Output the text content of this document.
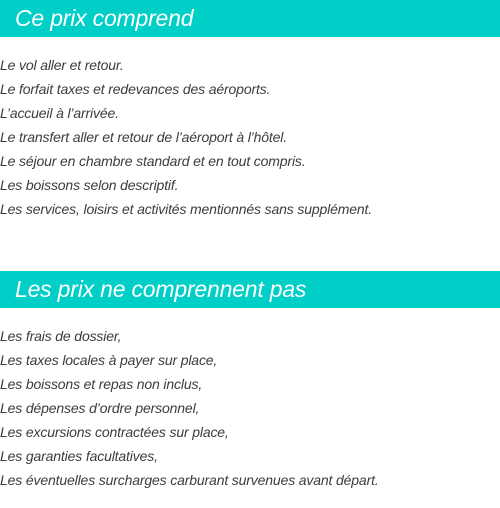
Ce prix comprend
Le vol aller et retour.
Le forfait taxes et redevances des aéroports.
L’accueil à l’arrivée.
Le transfert aller et retour de l’aéroport à l’hôtel.
Le séjour en chambre standard et en tout compris.
Les boissons selon descriptif.
Les services, loisirs et activités mentionnés sans supplément.
Les prix ne comprennent pas
Les frais de dossier,
Les taxes locales à payer sur place,
Les boissons et repas non inclus,
Les dépenses d’ordre personnel,
Les excursions contractées sur place,
Les garanties facultatives,
Les éventuelles surcharges carburant survenues avant départ.
